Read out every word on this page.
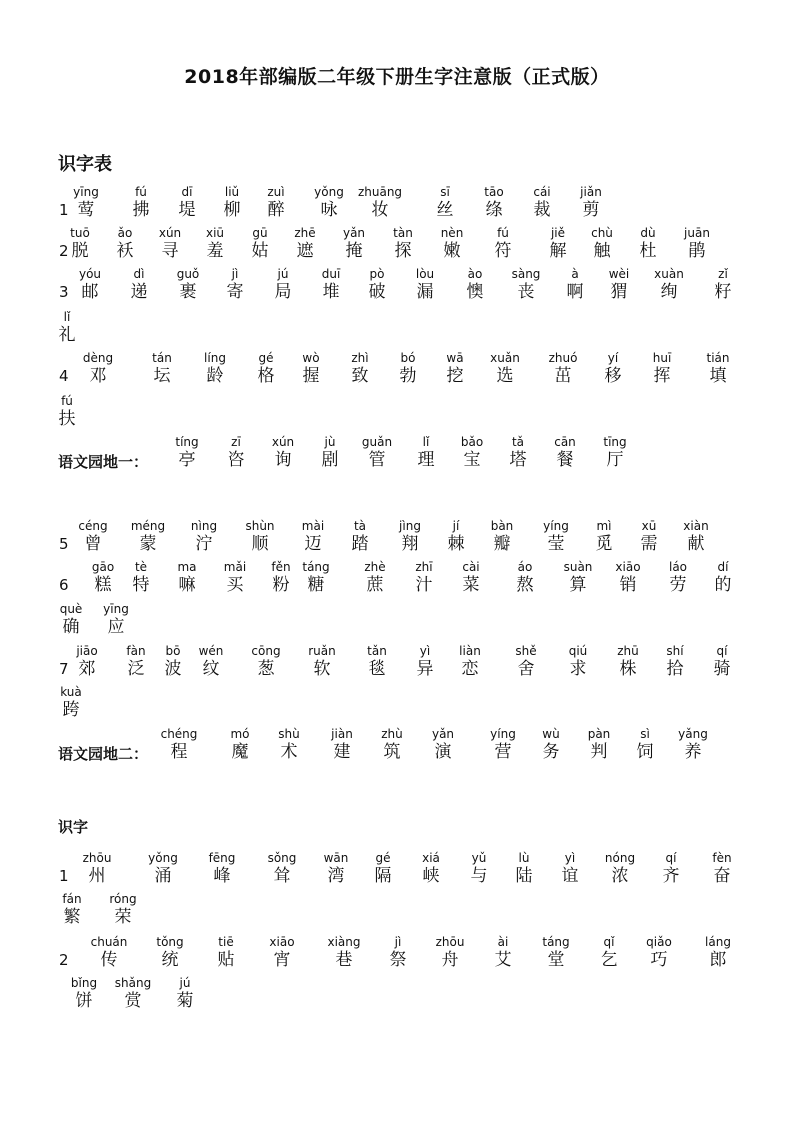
2018年部编版二年级下册生字注意版（正式版）
识字表
识字
1
yīng
莺
fú
拂
dī
堤
liǔ
柳
zuì
醉
yǒng
咏
zhuāng
妆
sī
丝
tāo
绦
cái
裁
jiǎn
剪
2
tuō
脱
ǎo
袄
xún
寻
xiū
羞
gū
姑
zhē
遮
yǎn
掩
tàn
探
nèn
嫩
fú
符
jiě
解
chù
触
dù
杜
juān
鹃
3
yóu
邮
dì
递
guǒ
裹
jì
寄
jú
局
duī
堆
pò
破
lòu
漏
ào
懊
sàng
丧
à
啊
wèi
猬
xuàn
绚
zǐ
籽
lǐ
礼
4
dèng
邓
tán
坛
líng
龄
gé
格
wò
握
zhì
致
bó
勃
wā
挖
xuǎn
选
zhuó
茁
yí
移
huī
挥
tián
填
fú
扶
语文园地一：
tíng
亭
zī
咨
xún
询
jù
剧
guǎn
管
lǐ
理
bǎo
宝
tǎ
塔
cān
餐
tīng
厅
5
céng
曾
méng
蒙
nìng
泞
shùn
顺
mài
迈
tà
踏
jìng
翔
jí
棘
bàn
瓣
yíng
莹
mì
觅
xū
需
xiàn
献
6
gāo
糕
tè
特
ma
嘛
mǎi
买
fěn
粉
táng
糖
zhè
蔗
zhī
汁
cài
菜
áo
熬
suàn
算
xiāo
销
láo
劳
dí
的
què
确
yīng
应
7
jiāo
郊
fàn
泛
bō
波
wén
纹
cōng
葱
ruǎn
软
tǎn
毯
yì
异
liàn
恋
shě
舍
qiú
求
zhū
株
shí
拾
qí
骑
kuà
跨
语文园地二：
chéng
程
mó
魔
shù
术
jiàn
建
zhù
筑
yǎn
演
yíng
营
wù
务
pàn
判
sì
饲
yǎng
养
1
zhōu
州
yǒng
涌
fēng
峰
sǒng
耸
wān
湾
gé
隔
xiá
峡
yǔ
与
lù
陆
yì
谊
nóng
浓
qí
齐
fèn
奋
fán
繁
róng
荣
2
chuán
传
tǒng
统
tiē
贴
xiāo
宵
xiàng
巷
jì
祭
zhōu
舟
ài
艾
táng
堂
qǐ
乞
qiǎo
巧
láng
郎
bǐng
饼
shǎng
赏
jú
菊
